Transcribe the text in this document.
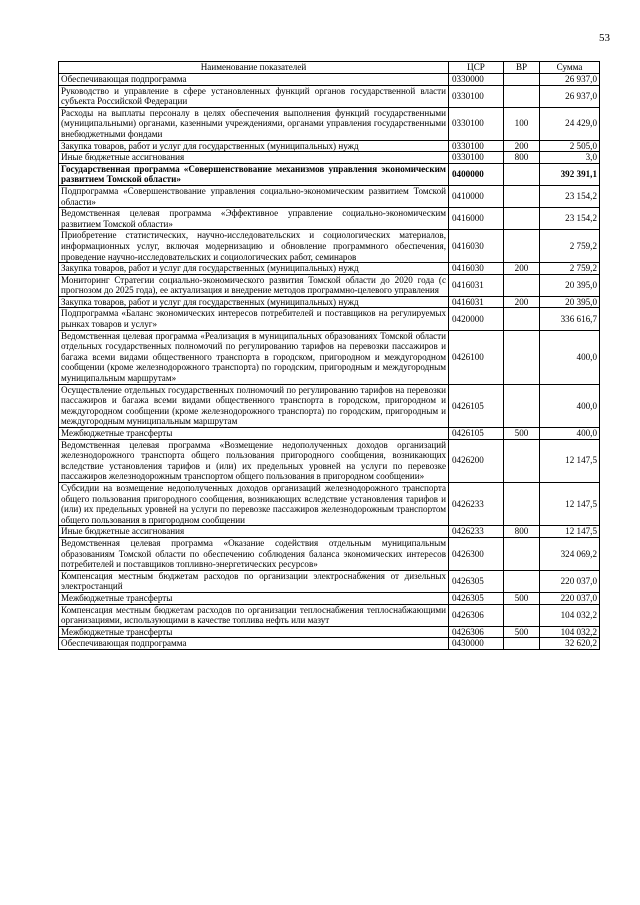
53
Наименование показателей	ЦСР	ВР	Сумма
Обеспечивающая подпрограмма	0330000		26 937,0
Руководство и управление в сфере установленных функций органов государственной власти субъекта Российской Федерации	0330100		26 937,0
Расходы на выплаты персоналу в целях обеспечения выполнения функций государственными (муниципальными) органами, казенными учреждениями, органами управления государственными внебюджетными фондами	0330100	100	24 429,0
Закупка товаров, работ и услуг для государственных (муниципальных) нужд	0330100	200	2 505,0
Иные бюджетные ассигнования	0330100	800	3,0
Государственная программа «Совершенствование механизмов управления экономическим развитием Томской области»	0400000		392 391,1
Подпрограмма «Совершенствование управления социально-экономическим развитием Томской области»	0410000		23 154,2
Ведомственная целевая программа «Эффективное управление социально-экономическим развитием Томской области»	0416000		23 154,2
Приобретение статистических, научно-исследовательских и социологических материалов, информационных услуг, включая модернизацию и обновление программного обеспечения, проведение научно-исследовательских и социологических работ, семинаров	0416030		2 759,2
Закупка товаров, работ и услуг для государственных (муниципальных) нужд	0416030	200	2 759,2
Мониторинг Стратегии социально-экономического развития Томской области до 2020 года (с прогнозом до 2025 года), ее актуализация и внедрение методов программно-целевого управления	0416031		20 395,0
Закупка товаров, работ и услуг для государственных (муниципальных) нужд	0416031	200	20 395,0
Подпрограмма «Баланс экономических интересов потребителей и поставщиков на регулируемых рынках товаров и услуг»	0420000		336 616,7
Ведомственная целевая программа «Реализация в муниципальных образованиях Томской области отдельных государственных полномочий по регулированию тарифов на перевозки пассажиров и багажа всеми видами общественного транспорта в городском, пригородном и междугородном сообщении (кроме железнодорожного транспорта) по городским, пригородным и междугородным муниципальным маршрутам»	0426100		400,0
Осуществление отдельных государственных полномочий по регулированию тарифов на перевозки пассажиров и багажа всеми видами общественного транспорта в городском, пригородном и междугородном сообщении (кроме железнодорожного транспорта) по городским, пригородным и междугородным муниципальным маршрутам	0426105		400,0
Межбюджетные трансферты	0426105	500	400,0
Ведомственная целевая программа «Возмещение недополученных доходов организаций железнодорожного транспорта общего пользования пригородного сообщения, возникающих вследствие установления тарифов и (или) их предельных уровней на услуги по перевозке пассажиров железнодорожным транспортом общего пользования в пригородном сообщении»	0426200		12 147,5
Субсидии на возмещение недополученных доходов организаций железнодорожного транспорта общего пользования пригородного сообщения, возникающих вследствие установления тарифов и (или) их предельных уровней на услуги по перевозке пассажиров железнодорожным транспортом общего пользования в пригородном сообщении	0426233		12 147,5
Иные бюджетные ассигнования	0426233	800	12 147,5
Ведомственная целевая программа «Оказание содействия отдельным муниципальным образованиям Томской области по обеспечению соблюдения баланса экономических интересов потребителей и поставщиков топливно-энергетических ресурсов»	0426300		324 069,2
Компенсация местным бюджетам расходов по организации электроснабжения от дизельных электростанций	0426305		220 037,0
Межбюджетные трансферты	0426305	500	220 037,0
Компенсация местным бюджетам расходов по организации теплоснабжения теплоснабжающими организациями, использующими в качестве топлива нефть или мазут	0426306		104 032,2
Межбюджетные трансферты	0426306	500	104 032,2
Обеспечивающая подпрограмма	0430000		32 620,2
